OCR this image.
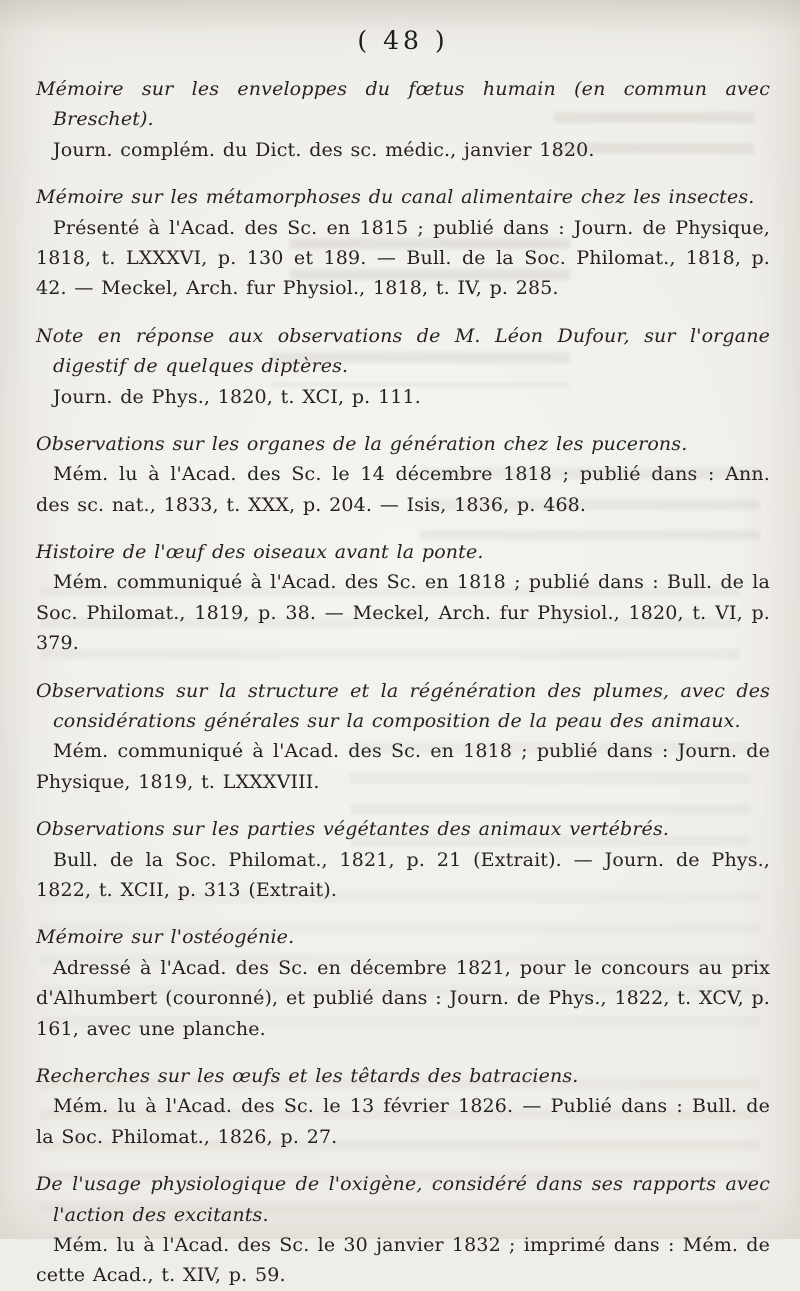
( 48 )

Mémoire sur les enveloppes du fœtus humain (en commun avec Breschet).

Journ. complém. du Dict. des sc. médic., janvier 1820.

Mémoire sur les métamorphoses du canal alimentaire chez les insectes.

Présenté à l'Acad. des Sc. en 1815 ; publié dans : Journ. de Physique, 1818, t. LXXXVI, p. 130 et 189. — Bull. de la Soc. Philomat., 1818, p. 42. — Meckel, Arch. fur Physiol., 1818, t. IV, p. 285.

Note en réponse aux observations de M. Léon Dufour, sur l'organe digestif de quelques diptères.

Journ. de Phys., 1820, t. XCI, p. 111.

Observations sur les organes de la génération chez les pucerons.

Mém. lu à l'Acad. des Sc. le 14 décembre 1818 ; publié dans : Ann. des sc. nat., 1833, t. XXX, p. 204. — Isis, 1836, p. 468.

Histoire de l'œuf des oiseaux avant la ponte.

Mém. communiqué à l'Acad. des Sc. en 1818 ; publié dans : Bull. de la Soc. Philomat., 1819, p. 38. — Meckel, Arch. fur Physiol., 1820, t. VI, p. 379.

Observations sur la structure et la régénération des plumes, avec des considérations générales sur la composition de la peau des animaux.

Mém. communiqué à l'Acad. des Sc. en 1818 ; publié dans : Journ. de Physique, 1819, t. LXXXVIII.

Observations sur les parties végétantes des animaux vertébrés.

Bull. de la Soc. Philomat., 1821, p. 21 (Extrait). — Journ. de Phys., 1822, t. XCII, p. 313 (Extrait).

Mémoire sur l'ostéogénie.

Adressé à l'Acad. des Sc. en décembre 1821, pour le concours au prix d'Alhumbert (couronné), et publié dans : Journ. de Phys., 1822, t. XCV, p. 161, avec une planche.

Recherches sur les œufs et les têtards des batraciens.

Mém. lu à l'Acad. des Sc. le 13 février 1826. — Publié dans : Bull. de la Soc. Philomat., 1826, p. 27.

De l'usage physiologique de l'oxigène, considéré dans ses rapports avec l'action des excitants.

Mém. lu à l'Acad. des Sc. le 30 janvier 1832 ; imprimé dans : Mém. de cette Acad., t. XIV, p. 59.
